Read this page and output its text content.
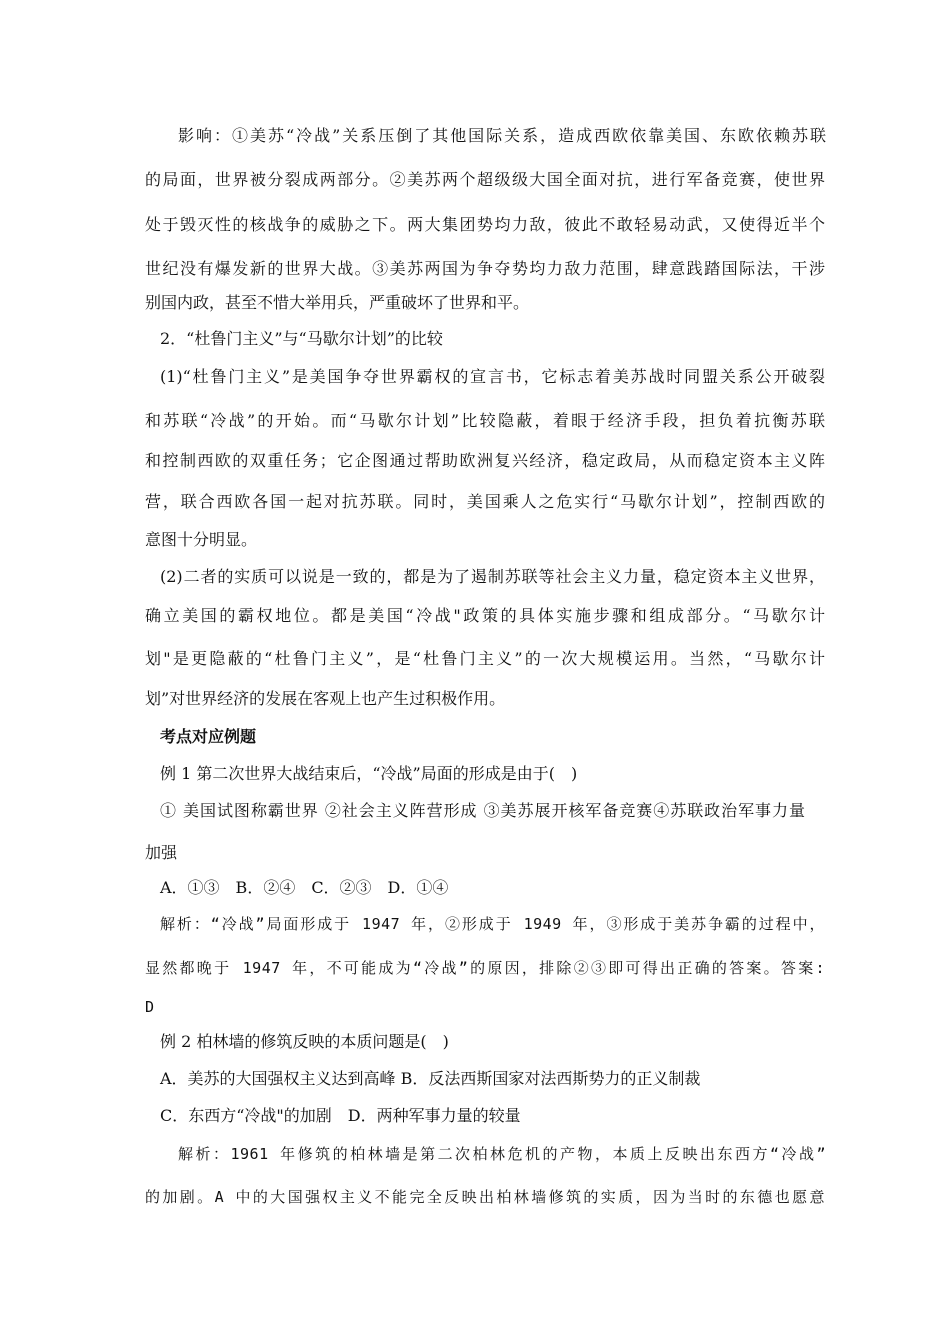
影响：①美苏“冷战”关系压倒了其他国际关系，造成西欧依靠美国、东欧依赖苏联
的局面，世界被分裂成两部分。②美苏两个超级级大国全面对抗，进行军备竞赛，使世界
处于毁灭性的核战争的威胁之下。两大集团势均力敌，彼此不敢轻易动武，又使得近半个
世纪没有爆发新的世界大战。③美苏两国为争夺势均力敌力范围，肆意践踏国际法，干涉
别国内政，甚至不惜大举用兵，严重破坏了世界和平。
2．“杜鲁门主义”与“马歇尔计划”的比较
(1)“杜鲁门主义”是美国争夺世界霸权的宣言书，它标志着美苏战时同盟关系公开破裂
和苏联“冷战”的开始。而“马歇尔计划”比较隐蔽，着眼于经济手段，担负着抗衡苏联
和控制西欧的双重任务；它企图通过帮助欧洲复兴经济，稳定政局，从而稳定资本主义阵
营，联合西欧各国一起对抗苏联。同时，美国乘人之危实行“马歇尔计划”，控制西欧的
意图十分明显。
(2)二者的实质可以说是一致的，都是为了遏制苏联等社会主义力量，稳定资本主义世界，
确立美国的霸权地位。都是美国“冷战"政策的具体实施步骤和组成部分。“马歇尔计
划"是更隐蔽的“杜鲁门主义”，是“杜鲁门主义”的一次大规模运用。当然，“马歇尔计
划”对世界经济的发展在客观上也产生过积极作用。
考点对应例题
例 1 第二次世界大战结束后，“冷战”局面的形成是由于(　)
① 美国试图称霸世界 ②社会主义阵营形成 ③美苏展开核军备竞赛④苏联政治军事力量
加强
A．①③　B．②④　C．②③　D．①④
解析：“冷战”局面形成于 1947 年，②形成于 1949 年，③形成于美苏争霸的过程中，
显然都晚于 1947 年，不可能成为“冷战”的原因，排除②③即可得出正确的答案。答案:
D
例 2 柏林墙的修筑反映的本质问题是(　)
A．美苏的大国强权主义达到高峰 B．反法西斯国家对法西斯势力的正义制裁
C．东西方“冷战"的加剧　D．两种军事力量的较量
解析：1961 年修筑的柏林墙是第二次柏林危机的产物，本质上反映出东西方“冷战”
的加剧。A 中的大国强权主义不能完全反映出柏林墙修筑的实质，因为当时的东德也愿意
